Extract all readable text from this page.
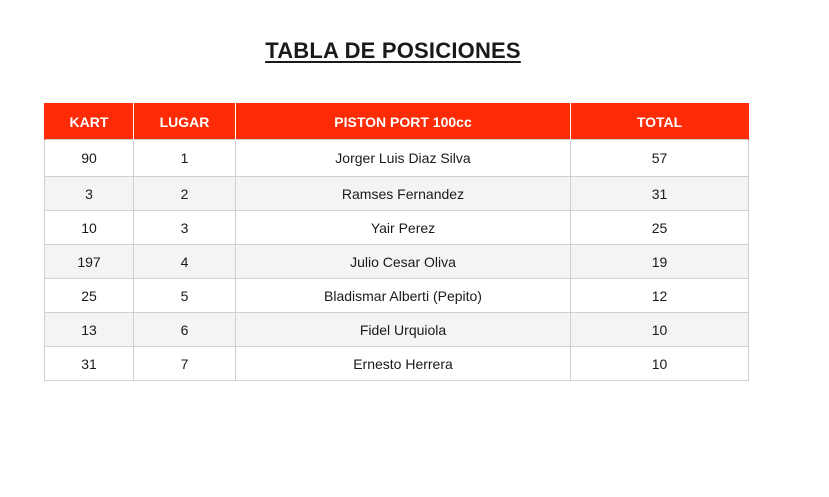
TABLA DE POSICIONES
KART	LUGAR	PISTON PORT 100cc	TOTAL
90	1	Jorger Luis Diaz Silva	57
3	2	Ramses Fernandez	31
10	3	Yair Perez	25
197	4	Julio Cesar Oliva	19
25	5	Bladismar Alberti (Pepito)	12
13	6	Fidel Urquiola	10
31	7	Ernesto Herrera	10
